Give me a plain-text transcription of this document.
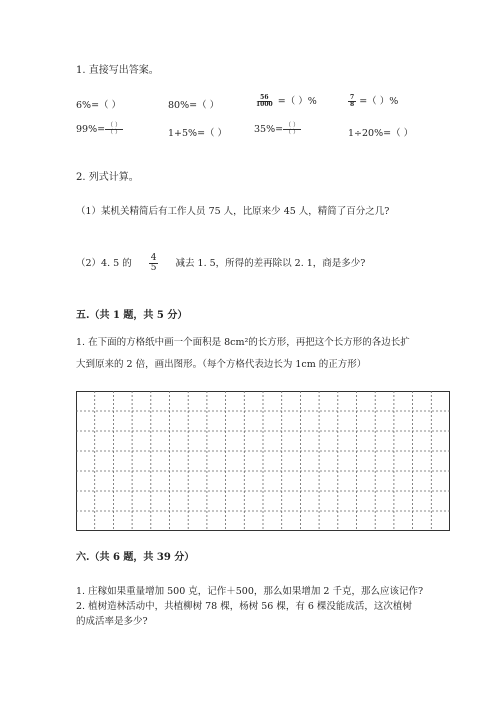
1. 直接写出答案。
6%=（ ）	80%=（ ）	$\frac{56}{1000}$ =（ ）%	$\frac{7}{8}$ =（ ）%
$99\%= \frac{( )}{( )}$	1+5%=（ ）	$35\%= \frac{( )}{( )}$	1÷20%=（ ）
2. 列式计算。
（1）某机关精简后有工作人员 75 人，比原来少 45 人，精简了百分之几?
（2）4. 5 的 $\frac{4}{5}$ 减去 1. 5，所得的差再除以 2. 1，商是多少?
五.（共 1 题，共 5 分）
1. 在下面的方格纸中画一个面积是 8cm²的长方形，再把这个长方形的各边长扩
大到原来的 2 倍，画出图形。（每个方格代表边长为 1cm 的正方形）
六.（共 6 题，共 39 分）
1. 庄稼如果重量增加 500 克，记作＋500，那么如果增加 2 千克，那么应该记作?
2. 植树造林活动中，共植柳树 78 棵，杨树 56 棵，有 6 棵没能成活，这次植树
的成活率是多少?
